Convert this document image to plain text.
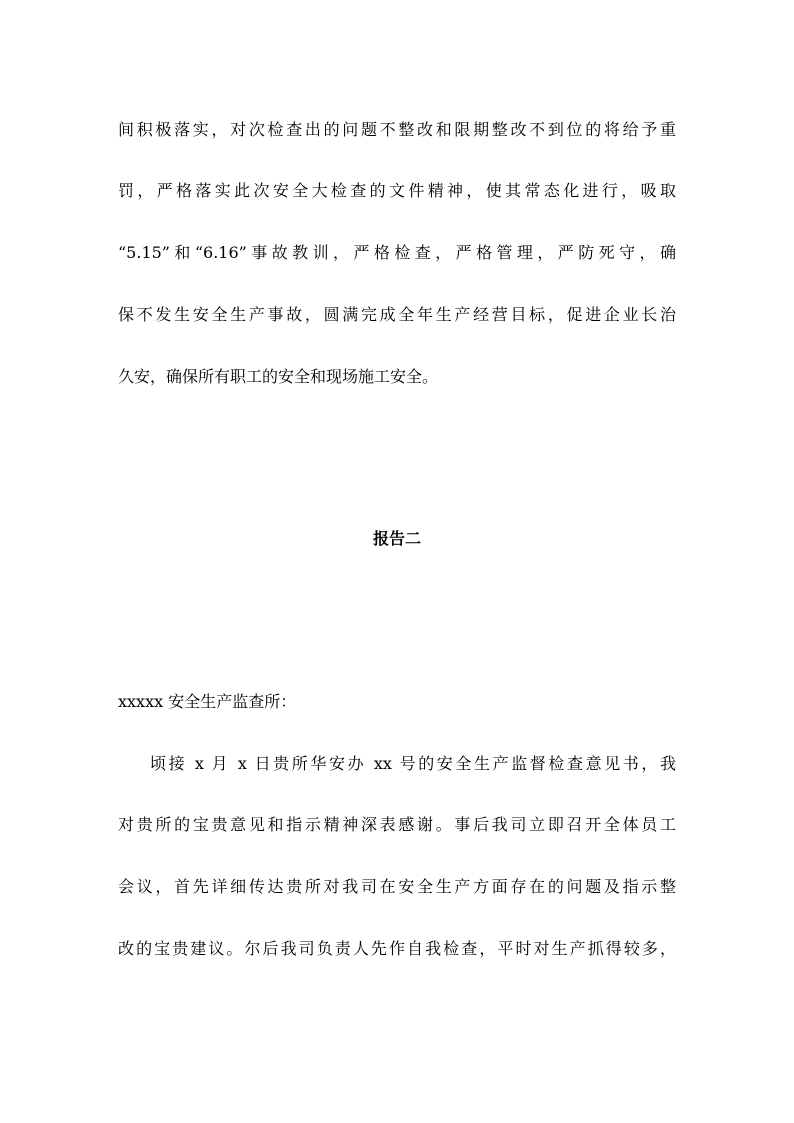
间积极落实，对次检查出的问题不整改和限期整改不到位的将给予重
罚，严格落实此次安全大检查的文件精神，使其常态化进行，吸取
“5.15”和“6.16”事故教训，严格检查，严格管理，严防死守，确
保不发生安全生产事故，圆满完成全年生产经营目标，促进企业长治
久安，确保所有职工的安全和现场施工安全。
报告二
xxxxx 安全生产监查所：
顷接 x 月 x 日贵所华安办 xx 号的安全生产监督检查意见书，我
对贵所的宝贵意见和指示精神深表感谢。事后我司立即召开全体员工
会议，首先详细传达贵所对我司在安全生产方面存在的问题及指示整
改的宝贵建议。尔后我司负责人先作自我检查，平时对生产抓得较多，
